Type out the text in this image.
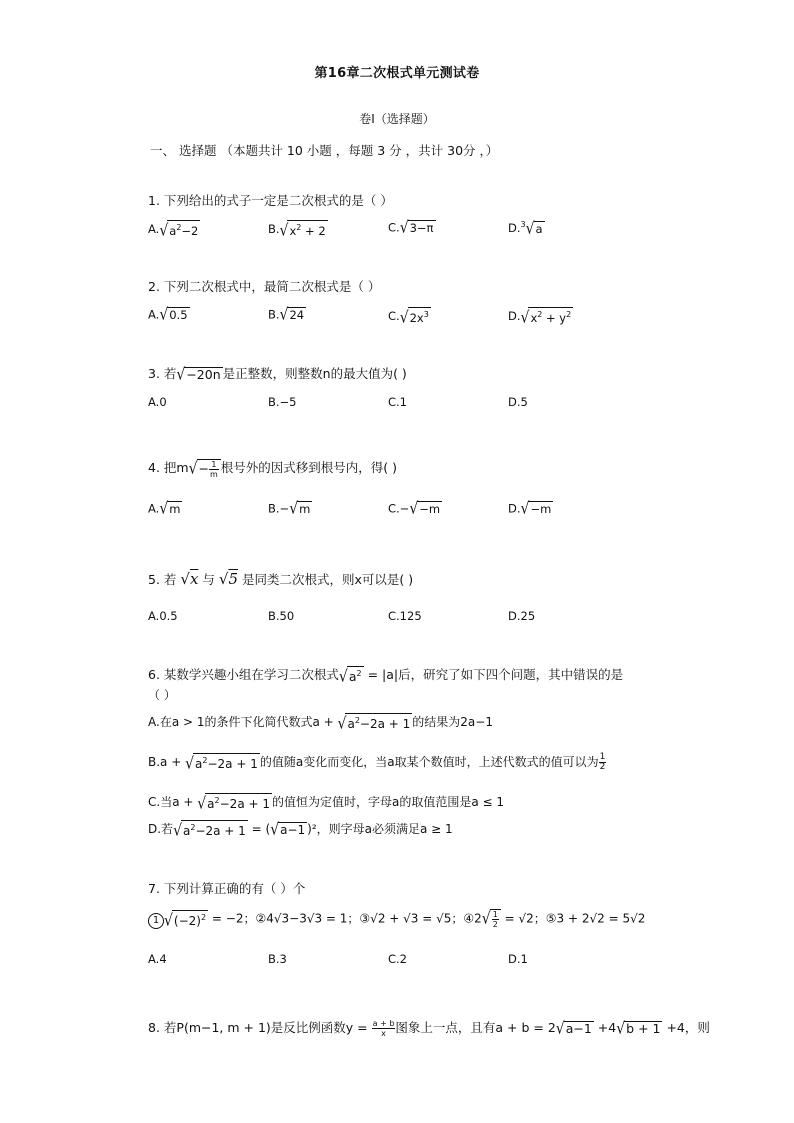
第16章二次根式单元测试卷
卷I（选择题）
一、 选择题 （本题共计 10 小题 ，每题 3 分 ，共计 30分 ，）
1. 下列给出的式子一定是二次根式的是（ ）
$A.√a^2-2$	$B.√x^2 + 2$	C.√3−π	D.$^3$√a
2. 下列二次根式中，最简二次根式是（ ）
A.√0.5	B.√24	$C.√2x^3$	$D.√x^2 + y^2$
3. 若√−20n 是正整数，则整数n的最大值为( )
A.0	B.−5	C.1	D.5
4. 把$m√- \frac{1}{m}$ 根号外的因式移到根号内，得( )
A.√m	B.−√m	C.−√−m	D.√−m
5. 若 √x 与 √5 是同类二次根式，则x可以是( )
A.0.5	B.50	C.125	D.25
6. 某数学兴趣小组在学习二次根式$√a^2 = |a|$后，研究了如下四个问题，其中错误的是
（ ）
A.在a > 1的条件下化简代数式$a + √a^2-2a + 1$ 的结果为2a−1
$B.a + √a^2-2a + 1$ 的值随a变化而变化，当a取某个数值时，上述代数式的值可以为 $\frac{1}{2}$
C.当$a + √a^2-2a + 1$ 的值恒为定值时，字母a的取值范围是a ≤ 1
D.若$√a^2-2a + 1 = (√a-1$ )²，则字母a必须满足a ≥ 1
7. 下列计算正确的有（ ）个
1 $√(-2)^2 = -2$；②4√3−3√3 = 1；③√2 + √3 = √5；④2√ $\frac{1}{2} = √2$；⑤3 + 2√2 = 5√2
A.4	B.3	C.2	D.1
8. 若P(m−1, m + 1)是反比例函数$y = \frac{a + b}{x}$ 图象上一点，且有a + b = 2√a−1 +4√b + 1 +4，则
